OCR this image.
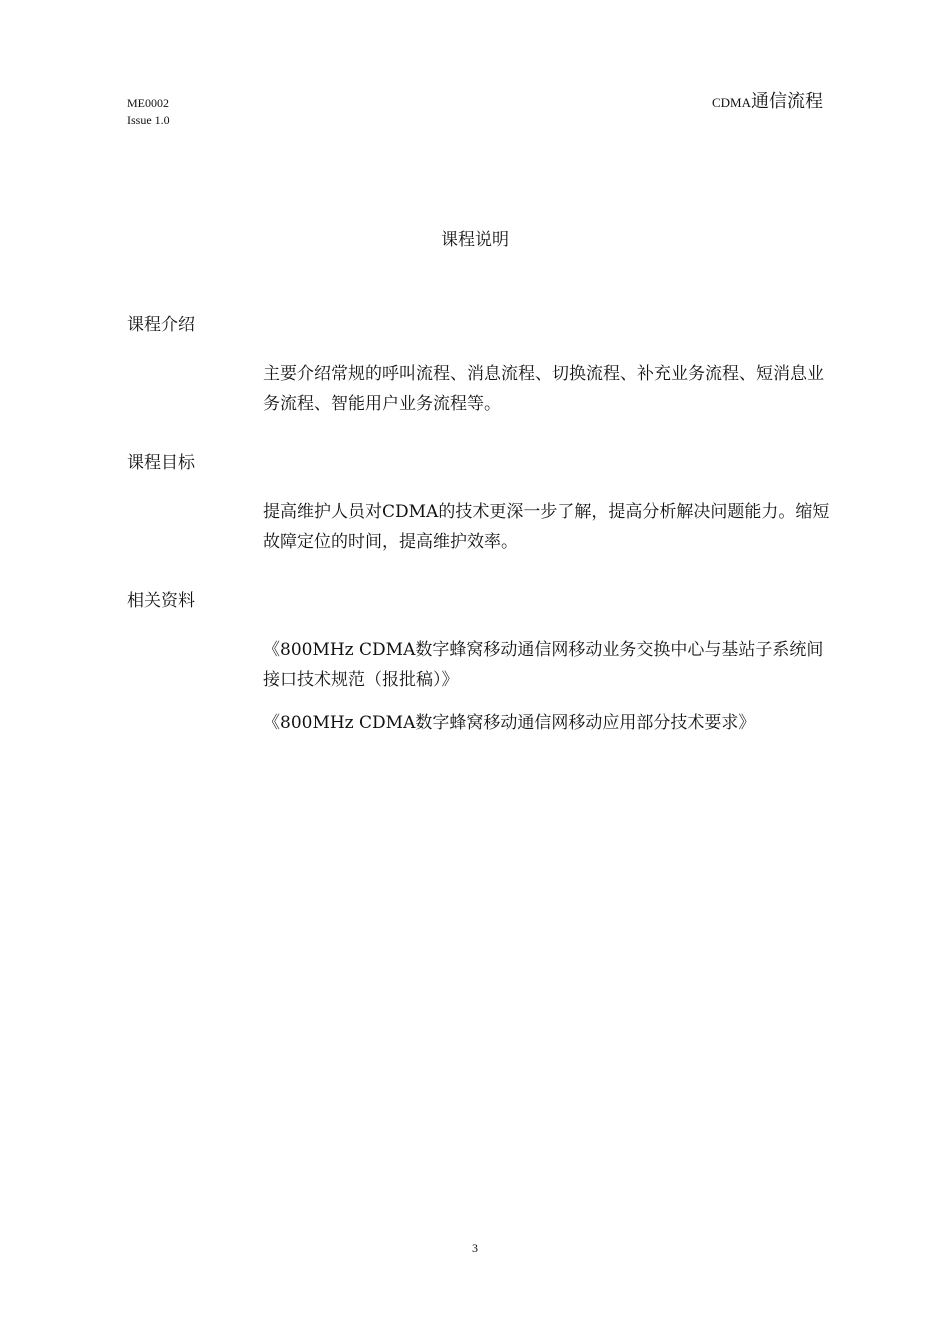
ME0002
Issue 1.0
CDMA通信流程
课程说明
课程介绍

主要介绍常规的呼叫流程、消息流程、切换流程、补充业务流程、短消息业务流程、智能用户业务流程等。

课程目标

提高维护人员对CDMA的技术更深一步了解，提高分析解决问题能力。缩短故障定位的时间，提高维护效率。

相关资料

《800MHz CDMA数字蜂窝移动通信网移动业务交换中心与基站子系统间接口技术规范（报批稿）》

《800MHz CDMA数字蜂窝移动通信网移动应用部分技术要求》

3
